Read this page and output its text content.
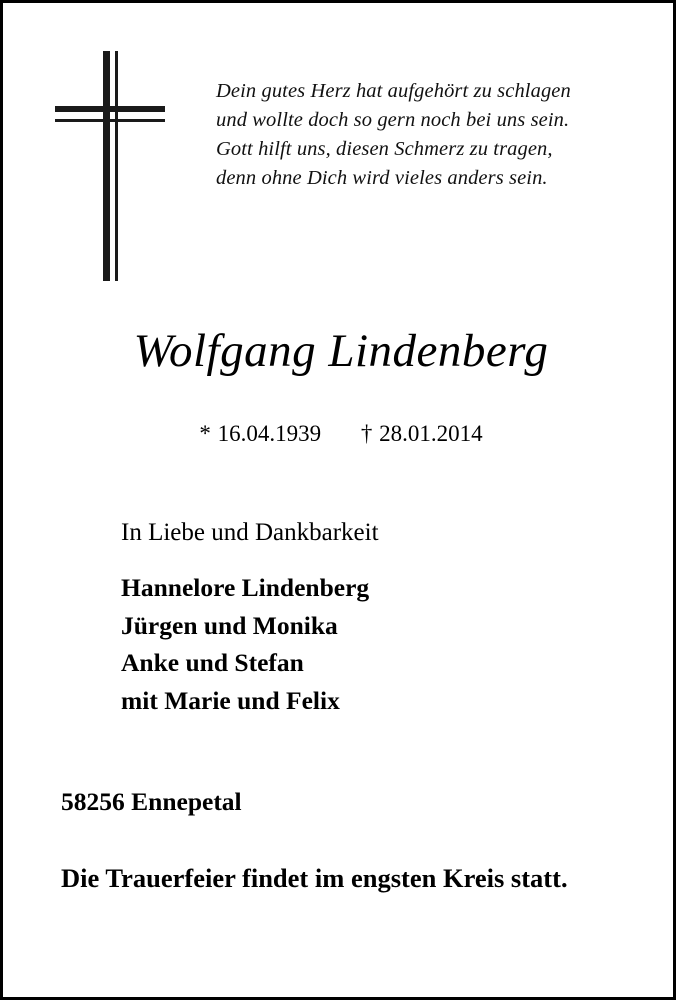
Dein gutes Herz hat aufgehört zu schlagen
und wollte doch so gern noch bei uns sein.
Gott hilft uns, diesen Schmerz zu tragen,
denn ohne Dich wird vieles anders sein.
Wolfgang Lindenberg
* 16.04.1939 † 28.01.2014
In Liebe und Dankbarkeit
Hannelore Lindenberg
Jürgen und Monika
Anke und Stefan
mit Marie und Felix
58256 Ennepetal
Die Trauerfeier findet im engsten Kreis statt.
